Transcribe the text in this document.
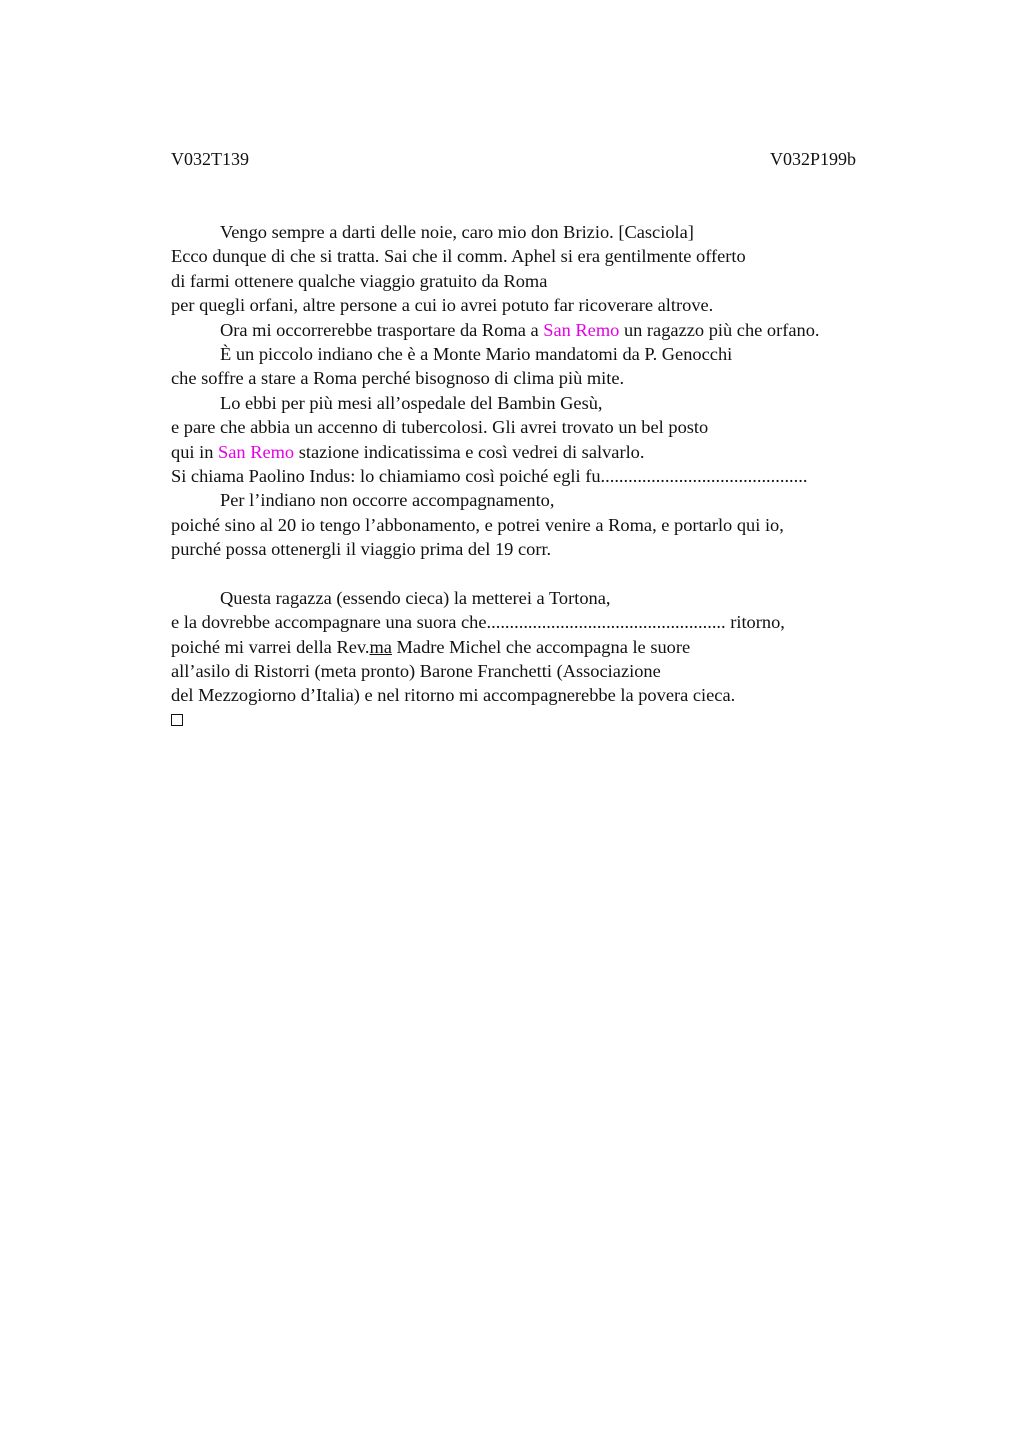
V032T139	V032P199b
Vengo sempre a darti delle noie, caro mio don Brizio. [Casciola]
Ecco dunque di che si tratta. Sai che il comm. Aphel si era gentilmente offerto
di farmi ottenere qualche viaggio gratuito da Roma
per quegli orfani, altre persone a cui io avrei potuto far ricoverare altrove.
Ora mi occorrerebbe trasportare da Roma a San Remo un ragazzo più che orfano.
È un piccolo indiano che è a Monte Mario mandatomi da P. Genocchi
che soffre a stare a Roma perché bisognoso di clima più mite.
Lo ebbi per più mesi all’ospedale del Bambin Gesù,
e pare che abbia un accenno di tubercolosi. Gli avrei trovato un bel posto
qui in San Remo stazione indicatissima e così vedrei di salvarlo.
Si chiama Paolino Indus: lo chiamiamo così poiché egli fu.............................................
Per l’indiano non occorre accompagnamento,
poiché sino al 20 io tengo l’abbonamento, e potrei venire a Roma, e portarlo qui io,
purché possa ottenergli il viaggio prima del 19 corr.
Questa ragazza (essendo cieca) la metterei a Tortona,
e la dovrebbe accompagnare una suora che.................................................... ritorno,
poiché mi varrei della Rev.ma Madre Michel che accompagna le suore
all’asilo di Ristorri (meta pronto) Barone Franchetti (Associazione
del Mezzogiorno d’Italia) e nel ritorno mi accompagnerebbe la povera cieca.
